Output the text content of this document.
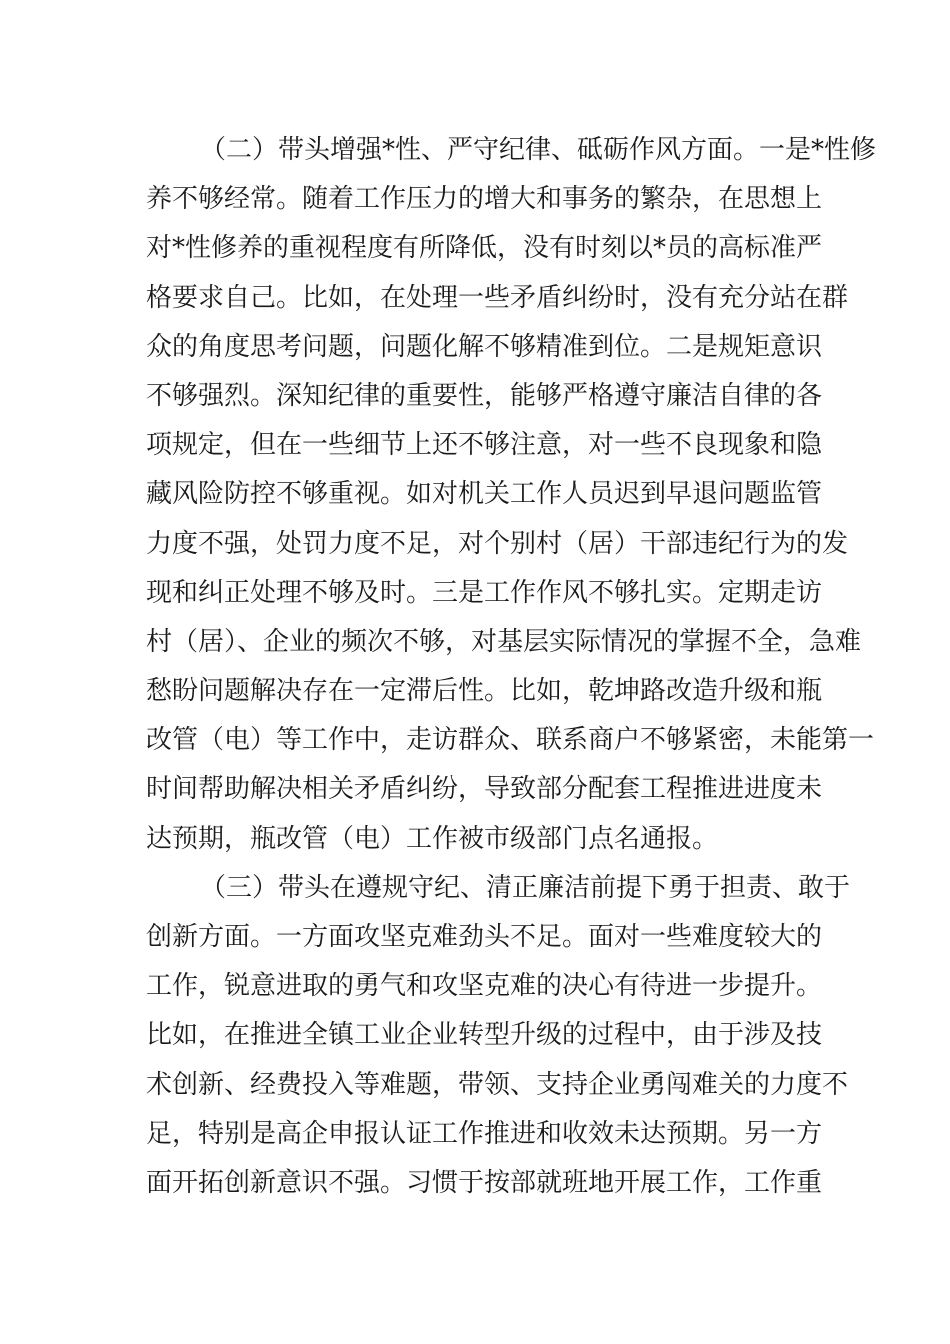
（二）带头增强*性、严守纪律、砥砺作风方面。一是*性修
养不够经常。随着工作压力的增大和事务的繁杂，在思想上
对*性修养的重视程度有所降低，没有时刻以*员的高标准严
格要求自己。比如，在处理一些矛盾纠纷时，没有充分站在群
众的角度思考问题，问题化解不够精准到位。二是规矩意识
不够强烈。深知纪律的重要性，能够严格遵守廉洁自律的各
项规定，但在一些细节上还不够注意，对一些不良现象和隐
藏风险防控不够重视。如对机关工作人员迟到早退问题监管
力度不强，处罚力度不足，对个别村（居）干部违纪行为的发
现和纠正处理不够及时。三是工作作风不够扎实。定期走访
村（居）、企业的频次不够，对基层实际情况的掌握不全，急难
愁盼问题解决存在一定滞后性。比如，乾坤路改造升级和瓶
改管（电）等工作中，走访群众、联系商户不够紧密，未能第一
时间帮助解决相关矛盾纠纷，导致部分配套工程推进进度未
达预期，瓶改管（电）工作被市级部门点名通报。
（三）带头在遵规守纪、清正廉洁前提下勇于担责、敢于
创新方面。一方面攻坚克难劲头不足。面对一些难度较大的
工作，锐意进取的勇气和攻坚克难的决心有待进一步提升。
比如，在推进全镇工业企业转型升级的过程中，由于涉及技
术创新、经费投入等难题，带领、支持企业勇闯难关的力度不
足，特别是高企申报认证工作推进和收效未达预期。另一方
面开拓创新意识不强。习惯于按部就班地开展工作，工作重
